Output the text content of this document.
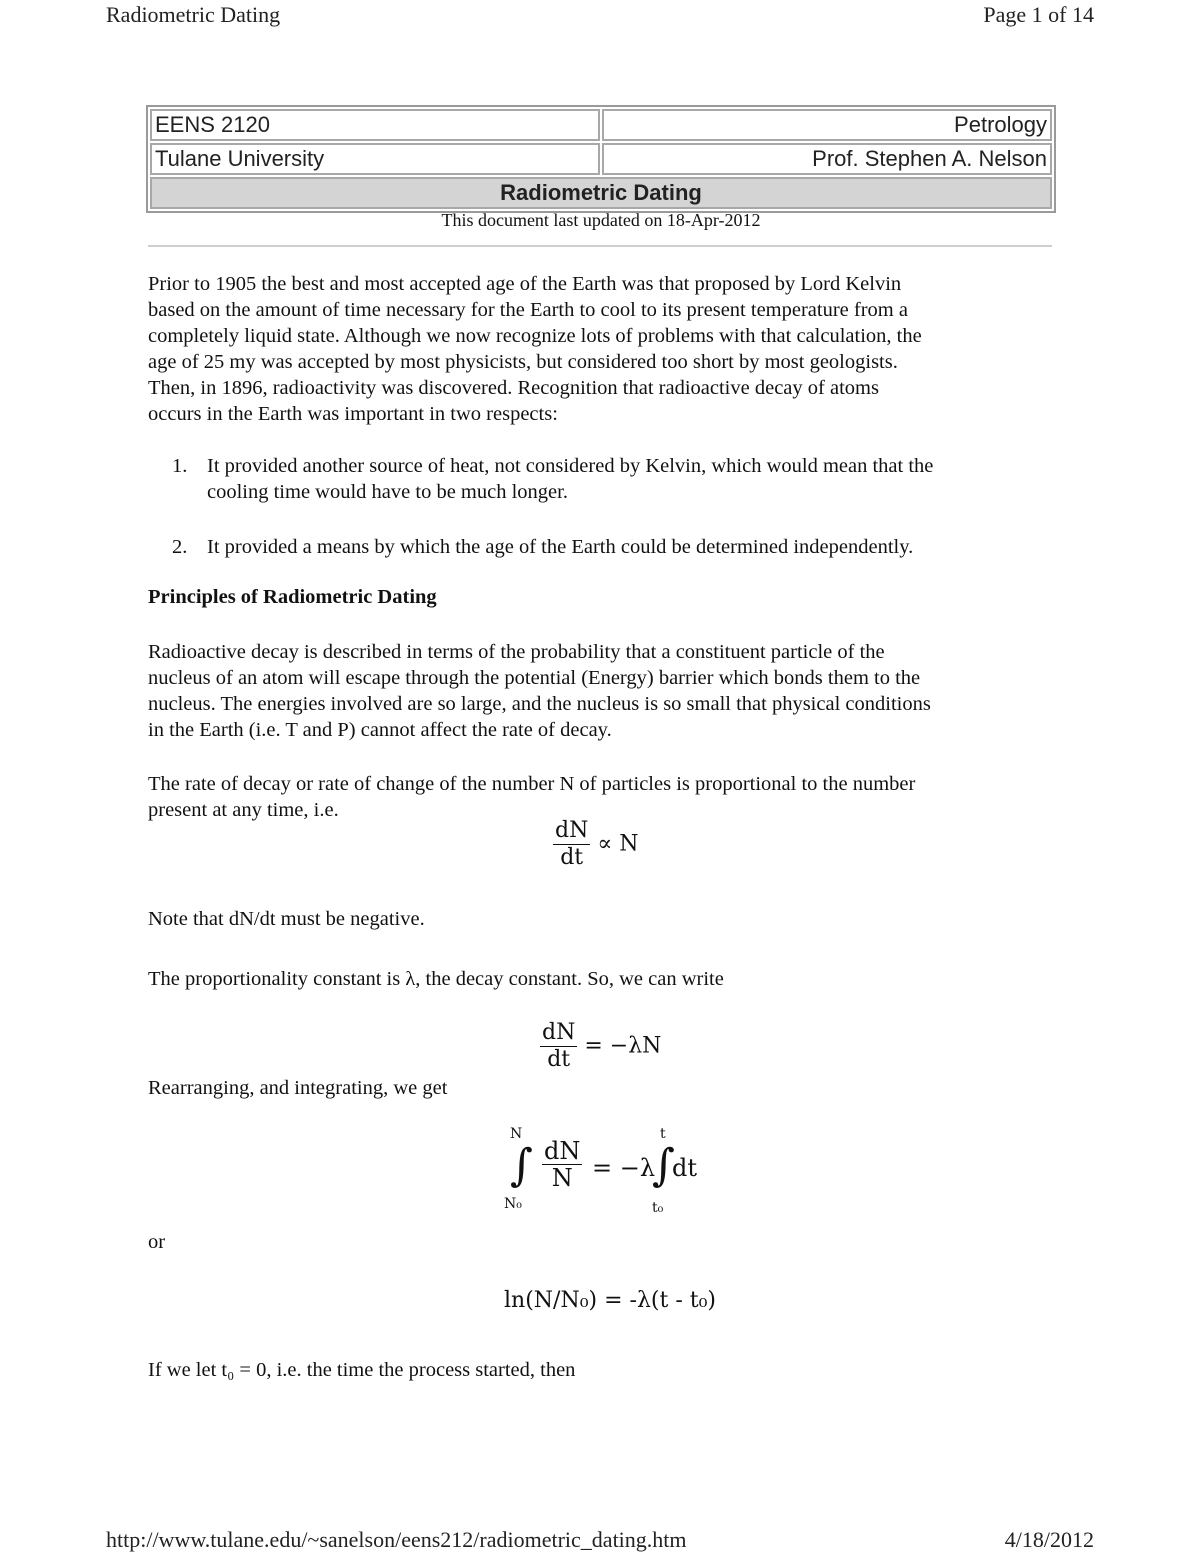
Radiometric Dating	Page 1 of 14
EENS 2120	Petrology
Tulane University	Prof. Stephen A. Nelson
Radiometric Dating	
This document last updated on 18-Apr-2012
Prior to 1905 the best and most accepted age of the Earth was that proposed by Lord Kelvin
based on the amount of time necessary for the Earth to cool to its present temperature from a
completely liquid state. Although we now recognize lots of problems with that calculation, the
age of 25 my was accepted by most physicists, but considered too short by most geologists.
Then, in 1896, radioactivity was discovered. Recognition that radioactive decay of atoms
occurs in the Earth was important in two respects:
1. It provided another source of heat, not considered by Kelvin, which would mean that the
cooling time would have to be much longer.
2. It provided a means by which the age of the Earth could be determined independently.
Principles of Radiometric Dating
Radioactive decay is described in terms of the probability that a constituent particle of the
nucleus of an atom will escape through the potential (Energy) barrier which bonds them to the
nucleus. The energies involved are so large, and the nucleus is so small that physical conditions
in the Earth (i.e. T and P) cannot affect the rate of decay.
The rate of decay or rate of change of the number N of particles is proportional to the number
present at any time, i.e.
$\frac{dN}{dt} \propto N$
Note that dN/dt must be negative.
The proportionality constant is λ, the decay constant. So, we can write
$\frac{dN}{dt} = -\lambda N$
Rearranging, and integrating, we get
N
∫
N₀
$\frac{dN}{N} = -\lambda$
t
∫
t₀
dt
or
ln(N/N₀) = -λ(t - t₀)
If we let t₀ = 0, i.e. the time the process started, then
http://www.tulane.edu/~sanelson/eens212/radiometric_dating.htm	4/18/2012
